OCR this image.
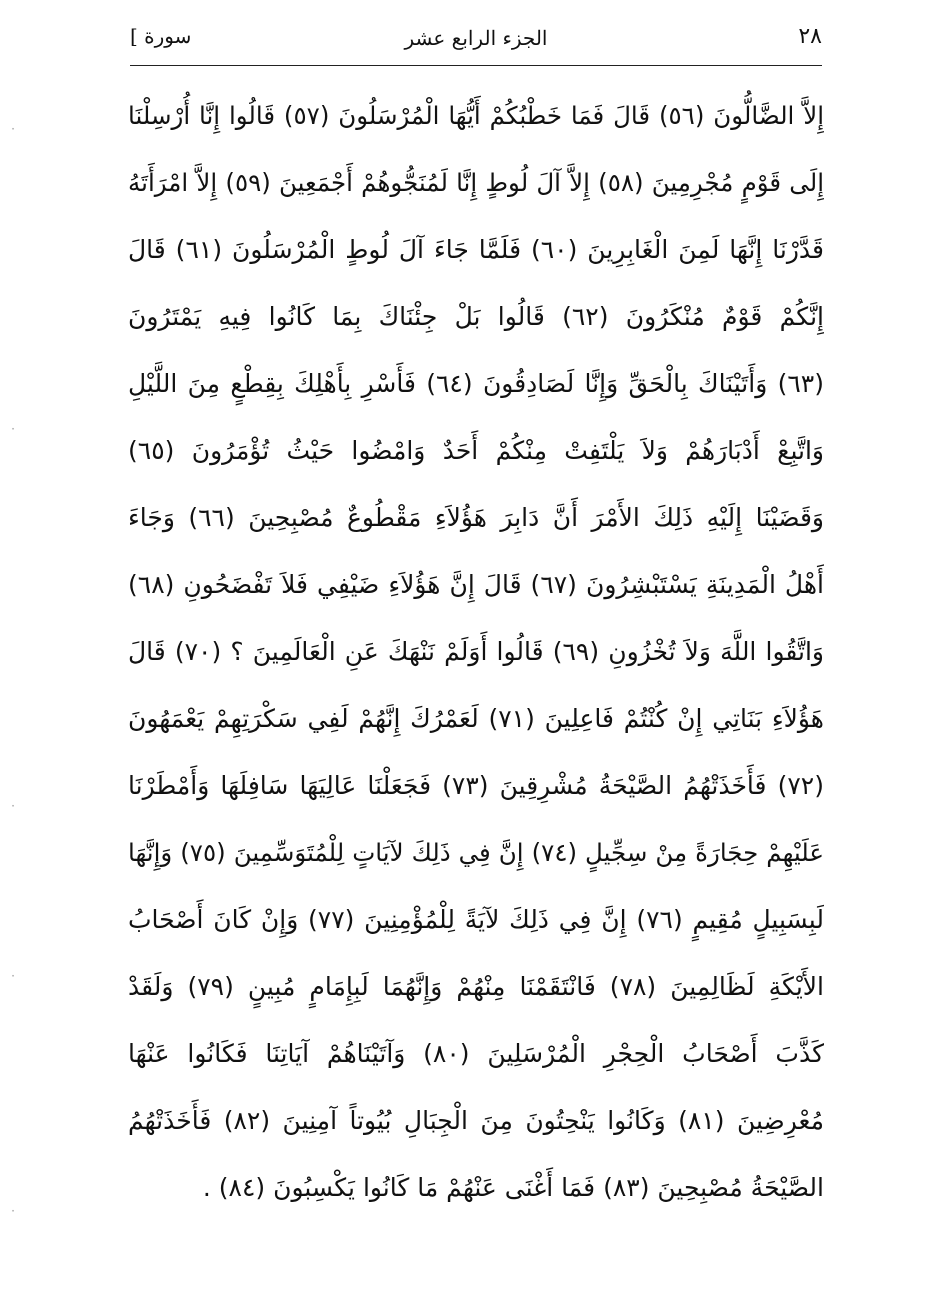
٢٨
الجزء الرابع عشر
سورة ]
·
·
·
·
·
إِلاَّ الضَّالُّونَ (٥٦) قَالَ فَمَا خَطْبُكُمْ أَيُّهَا الْمُرْسَلُونَ (٥٧) قَالُوا إِنَّا أُرْسِلْنَا
إِلَى قَوْمٍ مُجْرِمِينَ (٥٨) إِلاَّ آلَ لُوطٍ إِنَّا لَمُنَجُّوهُمْ أَجْمَعِينَ (٥٩) إِلاَّ امْرَأَتَهُ
قَدَّرْنَا إِنَّهَا لَمِنَ الْغَابِرِينَ (٦٠) فَلَمَّا جَاءَ آلَ لُوطٍ الْمُرْسَلُونَ (٦١) قَالَ
إِنَّكُمْ قَوْمٌ مُنْكَرُونَ (٦٢) قَالُوا بَلْ جِئْنَاكَ بِمَا كَانُوا فِيهِ يَمْتَرُونَ
(٦٣) وَأَتَيْنَاكَ بِالْحَقِّ وَإِنَّا لَصَادِقُونَ (٦٤) فَأَسْرِ بِأَهْلِكَ بِقِطْعٍ مِنَ اللَّيْلِ
وَاتَّبِعْ أَدْبَارَهُمْ وَلاَ يَلْتَفِتْ مِنْكُمْ أَحَدٌ وَامْضُوا حَيْثُ تُؤْمَرُونَ (٦٥)
وَقَضَيْنَا إِلَيْهِ ذَلِكَ الأَمْرَ أَنَّ دَابِرَ هَؤُلاَءِ مَقْطُوعٌ مُصْبِحِينَ (٦٦) وَجَاءَ
أَهْلُ الْمَدِينَةِ يَسْتَبْشِرُونَ (٦٧) قَالَ إِنَّ هَؤُلاَءِ ضَيْفِي فَلاَ تَفْضَحُونِ (٦٨)
وَاتَّقُوا اللَّهَ وَلاَ تُخْزُونِ (٦٩) قَالُوا أَوَلَمْ نَنْهَكَ عَنِ الْعَالَمِينَ ؟ (٧٠) قَالَ
هَؤُلاَءِ بَنَاتِي إِنْ كُنْتُمْ فَاعِلِينَ (٧١) لَعَمْرُكَ إِنَّهُمْ لَفِي سَكْرَتِهِمْ يَعْمَهُونَ
(٧٢) فَأَخَذَتْهُمُ الصَّيْحَةُ مُشْرِقِينَ (٧٣) فَجَعَلْنَا عَالِيَهَا سَافِلَهَا وَأَمْطَرْنَا
عَلَيْهِمْ حِجَارَةً مِنْ سِجِّيلٍ (٧٤) إِنَّ فِي ذَلِكَ لآيَاتٍ لِلْمُتَوَسِّمِينَ (٧٥) وَإِنَّهَا
لَبِسَبِيلٍ مُقِيمٍ (٧٦) إِنَّ فِي ذَلِكَ لآيَةً لِلْمُؤْمِنِينَ (٧٧) وَإِنْ كَانَ أَصْحَابُ
الأَيْكَةِ لَظَالِمِينَ (٧٨) فَانْتَقَمْنَا مِنْهُمْ وَإِنَّهُمَا لَبِإِمَامٍ مُبِينٍ (٧٩) وَلَقَدْ
كَذَّبَ أَصْحَابُ الْحِجْرِ الْمُرْسَلِينَ (٨٠) وَآتَيْنَاهُمْ آيَاتِنَا فَكَانُوا عَنْهَا
مُعْرِضِينَ (٨١) وَكَانُوا يَنْحِتُونَ مِنَ الْجِبَالِ بُيُوتاً آمِنِينَ (٨٢) فَأَخَذَتْهُمُ
الصَّيْحَةُ مُصْبِحِينَ (٨٣) فَمَا أَغْنَى عَنْهُمْ مَا كَانُوا يَكْسِبُونَ (٨٤) .
